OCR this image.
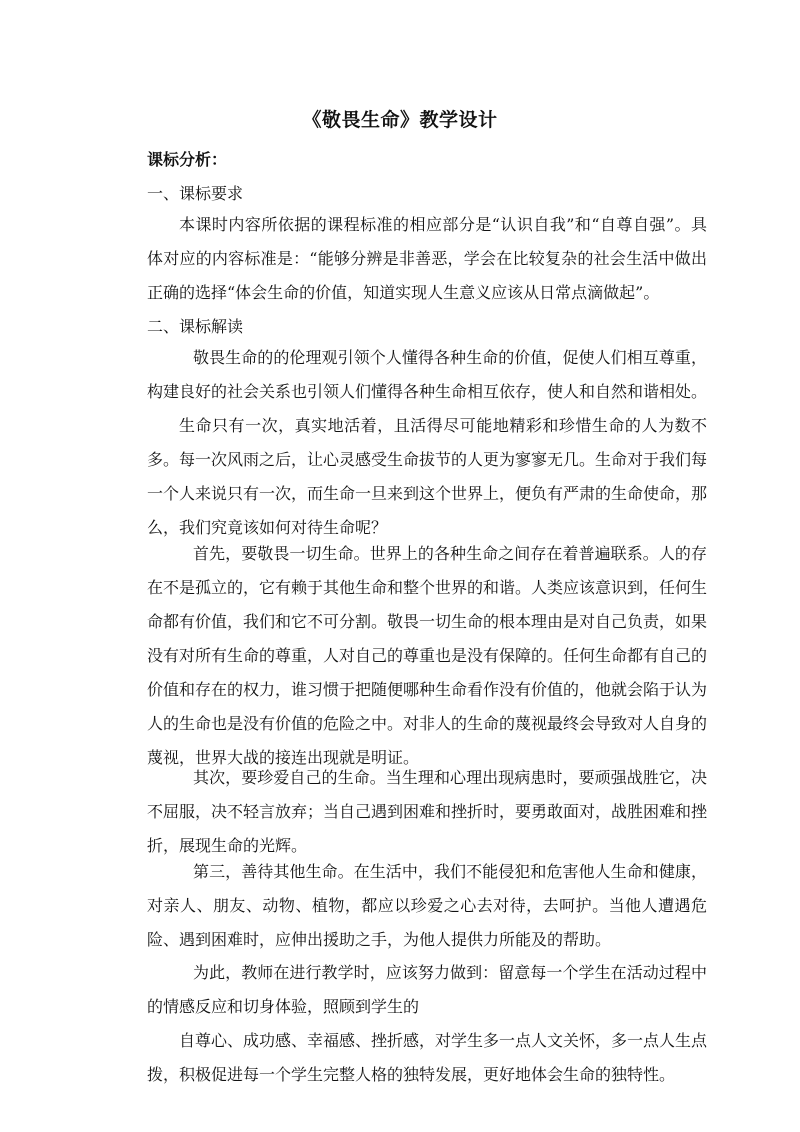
《敬畏生命》教学设计

课标分析：

一、课标要求

本课时内容所依据的课程标准的相应部分是“认识自我”和“自尊自强”。具体对应的内容标准是：“能够分辨是非善恶，学会在比较复杂的社会生活中做出正确的选择“体会生命的价值，知道实现人生意义应该从日常点滴做起”。

二、课标解读

敬畏生命的的伦理观引领个人懂得各种生命的价值，促使人们相互尊重，构建良好的社会关系也引领人们懂得各种生命相互依存，使人和自然和谐相处。

生命只有一次，真实地活着，且活得尽可能地精彩和珍惜生命的人为数不多。每一次风雨之后，让心灵感受生命拔节的人更为寥寥无几。生命对于我们每一个人来说只有一次，而生命一旦来到这个世界上，便负有严肃的生命使命，那么，我们究竟该如何对待生命呢？

首先，要敬畏一切生命。世界上的各种生命之间存在着普遍联系。人的存在不是孤立的，它有赖于其他生命和整个世界的和谐。人类应该意识到，任何生命都有价值，我们和它不可分割。敬畏一切生命的根本理由是对自己负责，如果没有对所有生命的尊重，人对自己的尊重也是没有保障的。任何生命都有自己的价值和存在的权力，谁习惯于把随便哪种生命看作没有价值的，他就会陷于认为人的生命也是没有价值的危险之中。对非人的生命的蔑视最终会导致对人自身的蔑视，世界大战的接连出现就是明证。

其次，要珍爱自己的生命。当生理和心理出现病患时，要顽强战胜它，决不屈服，决不轻言放弃；当自己遇到困难和挫折时，要勇敢面对，战胜困难和挫折，展现生命的光辉。

第三，善待其他生命。在生活中，我们不能侵犯和危害他人生命和健康，对亲人、朋友、动物、植物，都应以珍爱之心去对待，去呵护。当他人遭遇危险、遇到困难时，应伸出援助之手，为他人提供力所能及的帮助。

为此，教师在进行教学时，应该努力做到：留意每一个学生在活动过程中的情感反应和切身体验，照顾到学生的

自尊心、成功感、幸福感、挫折感，对学生多一点人文关怀，多一点人生点拨，积极促进每一个学生完整人格的独特发展，更好地体会生命的独特性。
